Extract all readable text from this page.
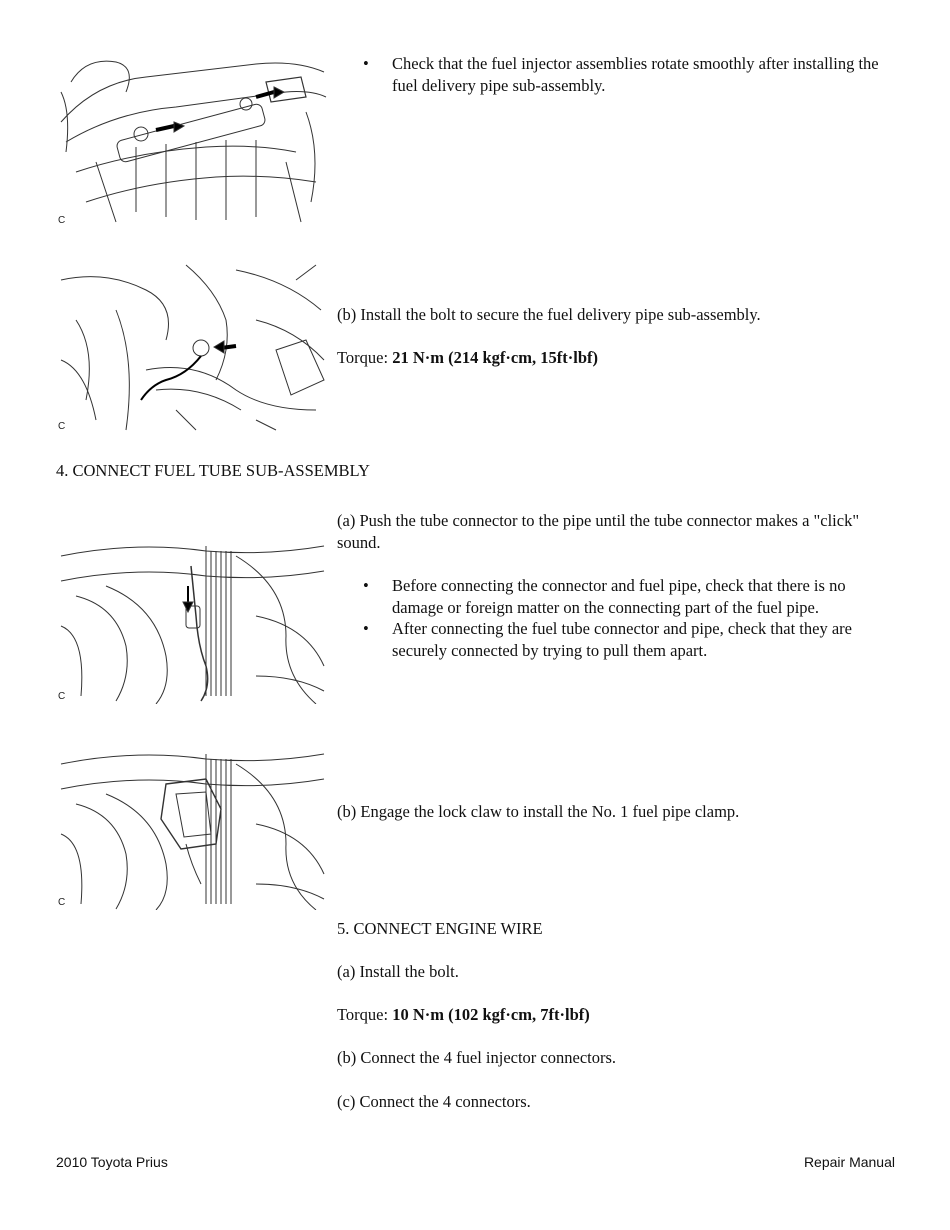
C
C
C
C
• Check that the fuel injector assemblies rotate smoothly after installing the fuel delivery pipe sub-assembly.
(b) Install the bolt to secure the fuel delivery pipe sub-assembly.
Torque: 21 N·m (214 kgf·cm, 15ft·lbf)
4. CONNECT FUEL TUBE SUB-ASSEMBLY
(a) Push the tube connector to the pipe until the tube connector makes a "click" sound.
• Before connecting the connector and fuel pipe, check that there is no damage or foreign matter on the connecting part of the fuel pipe.
• After connecting the fuel tube connector and pipe, check that they are securely connected by trying to pull them apart.
(b) Engage the lock claw to install the No. 1 fuel pipe clamp.
5. CONNECT ENGINE WIRE
(a) Install the bolt.
Torque: 10 N·m (102 kgf·cm, 7ft·lbf)
(b) Connect the 4 fuel injector connectors.
(c) Connect the 4 connectors.
2010 Toyota Prius	Repair Manual
